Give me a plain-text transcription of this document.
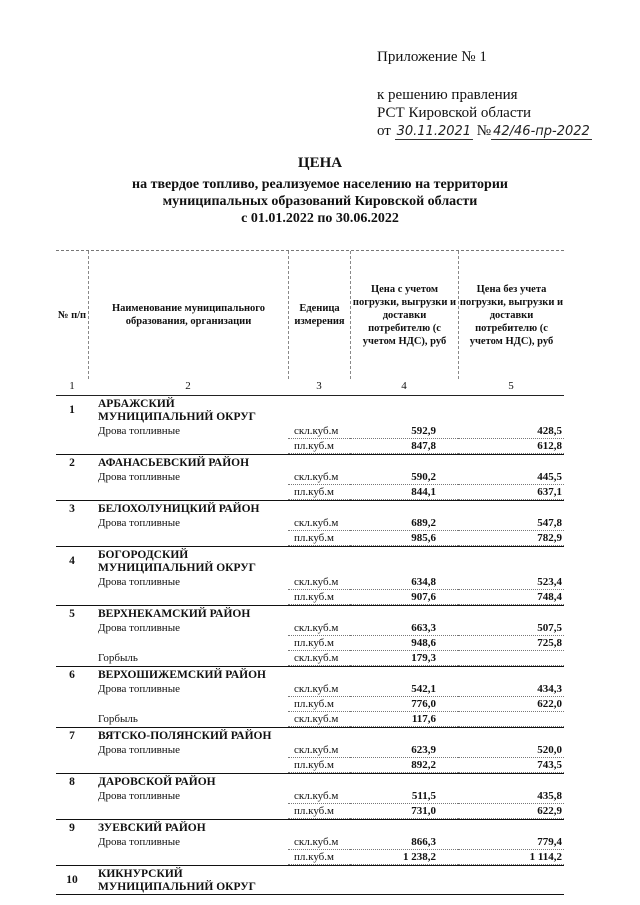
Приложение № 1
к решению правления
РСТ Кировской области
от
30.11.2021
№ 42/46-пр-2022
ЦЕНА
на твердое топливо, реализуемое населению на территории
муниципальных образований Кировской области
с 01.01.2022 по 30.06.2022
№ п/п
Наименование муниципального образования, организации
Еденица измерения
Цена с учетом погрузки, выгрузки и доставки потребителю (с учетом НДС), руб
Цена без учета погрузки, выгрузки и доставки потребителю (с учетом НДС), руб
1	2	3	4	5
1	АРБАЖСКИЙ
МУНИЦИПАЛЬНИЙ ОКРУГ
Дрова топливные	скл.куб.м	592,9	428,5
пл.куб.м	847,8	612,8
2	АФАНАСЬЕВСКИЙ РАЙОН
Дрова топливные	скл.куб.м	590,2	445,5
пл.куб.м	844,1	637,1
3	БЕЛОХОЛУНИЦКИЙ РАЙОН
Дрова топливные	скл.куб.м	689,2	547,8
пл.куб.м	985,6	782,9
4	БОГОРОДСКИЙ
МУНИЦИПАЛЬНИЙ ОКРУГ
Дрова топливные	скл.куб.м	634,8	523,4
пл.куб.м	907,6	748,4
5	ВЕРХНЕКАМСКИЙ РАЙОН
Дрова топливные	скл.куб.м	663,3	507,5
пл.куб.м	948,6	725,8
Горбыль	скл.куб.м	179,3
6	ВЕРХОШИЖЕМСКИЙ РАЙОН
Дрова топливные	скл.куб.м	542,1	434,3
пл.куб.м	776,0	622,0
Горбыль	скл.куб.м	117,6
7	ВЯТСКО-ПОЛЯНСКИЙ РАЙОН
Дрова топливные	скл.куб.м	623,9	520,0
пл.куб.м	892,2	743,5
8	ДАРОВСКОЙ РАЙОН
Дрова топливные	скл.куб.м	511,5	435,8
пл.куб.м	731,0	622,9
9	ЗУЕВСКИЙ РАЙОН
Дрова топливные	скл.куб.м	866,3	779,4
пл.куб.м	1 238,2	1 114,2
10	КИКНУРСКИЙ
МУНИЦИПАЛЬНИЙ ОКРУГ
